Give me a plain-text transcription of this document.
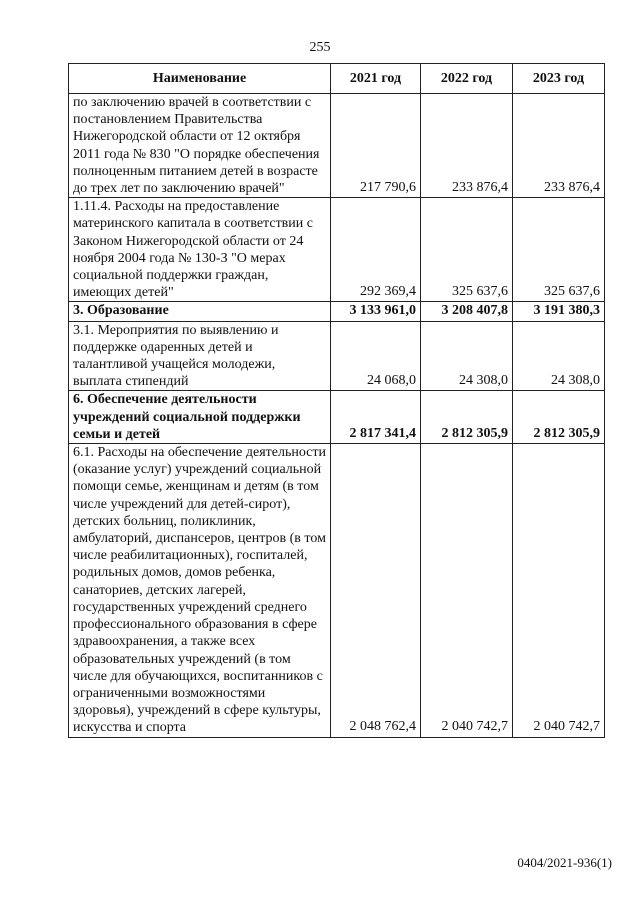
255
Наименование	2021 год	2022 год	2023 год
по заключению врачей в соответствии с постановлением Правительства Нижегородской области от 12 октября 2011 года № 830 "О порядке обеспечения полноценным питанием детей в возрасте до трех лет по заключению врачей"	217 790,6	233 876,4	233 876,4
1.11.4. Расходы на предоставление материнского капитала в соответствии с Законом Нижегородской области от 24 ноября 2004 года № 130-З "О мерах социальной поддержки граждан, имеющих детей"	292 369,4	325 637,6	325 637,6
3. Образование	3 133 961,0	3 208 407,8	3 191 380,3
3.1. Мероприятия по выявлению и поддержке одаренных детей и талантливой учащейся молодежи, выплата стипендий	24 068,0	24 308,0	24 308,0
6. Обеспечение деятельности учреждений социальной поддержки семьи и детей	2 817 341,4	2 812 305,9	2 812 305,9
6.1. Расходы на обеспечение деятельности (оказание услуг) учреждений социальной помощи семье, женщинам и детям (в том числе учреждений для детей-сирот), детских больниц, поликлиник, амбулаторий, диспансеров, центров (в том числе реабилитационных), госпиталей, родильных домов, домов ребенка, санаториев, детских лагерей, государственных учреждений среднего профессионального образования в сфере здравоохранения, а также всех образовательных учреждений (в том числе для обучающихся, воспитанников с ограниченными возможностями здоровья), учреждений в сфере культуры, искусства и спорта	2 048 762,4	2 040 742,7	2 040 742,7
0404/2021-936(1)
